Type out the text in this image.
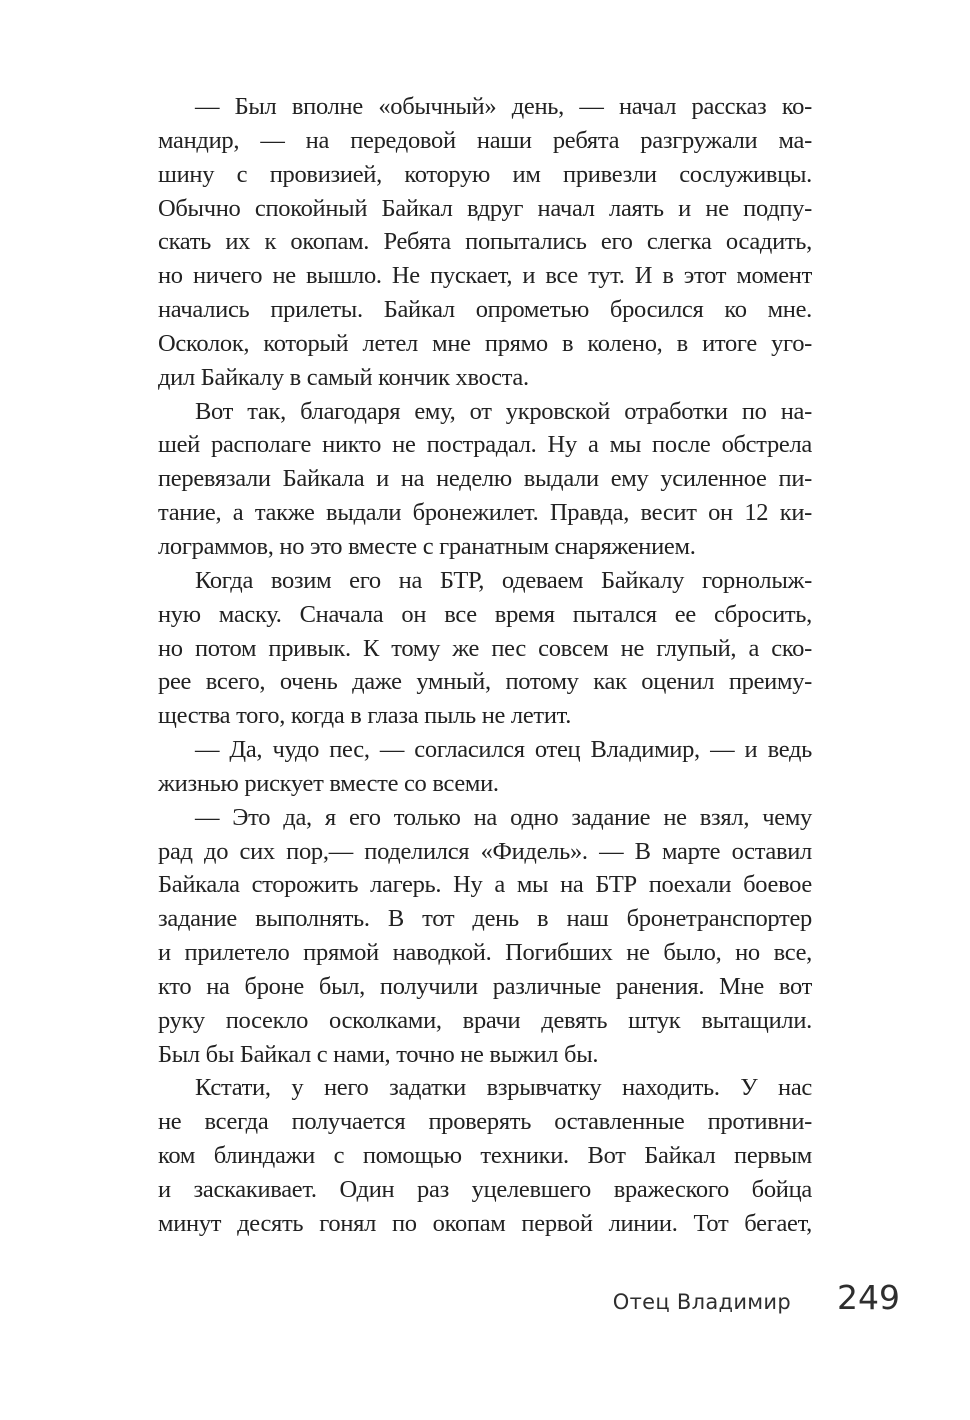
— Был вполне «обычный» день, — начал рассказ ко-
мандир, — на передовой наши ребята разгружали ма-
шину с провизией, которую им привезли сослуживцы.
Обычно спокойный Байкал вдруг начал лаять и не подпу-
скать их к окопам. Ребята попытались его слегка осадить,
но ничего не вышло. Не пускает, и все тут. И в этот момент
начались прилеты. Байкал опрометью бросился ко мне.
Осколок, который летел мне прямо в колено, в итоге уго-
дил Байкалу в самый кончик хвоста.
Вот так, благодаря ему, от укровской отработки по на-
шей располаге никто не пострадал. Ну а мы после обстрела
перевязали Байкала и на неделю выдали ему усиленное пи-
тание, а также выдали бронежилет. Правда, весит он 12 ки-
лограммов, но это вместе с гранатным снаряжением.
Когда возим его на БТР, одеваем Байкалу горнолыж-
ную маску. Сначала он все время пытался ее сбросить,
но потом привык. К тому же пес совсем не глупый, а ско-
рее всего, очень даже умный, потому как оценил преиму-
щества того, когда в глаза пыль не летит.
— Да, чудо пес, — согласился отец Владимир, — и ведь
жизнью рискует вместе со всеми.
— Это да, я его только на одно задание не взял, чему
рад до сих пор,— поделился «Фидель». — В марте оставил
Байкала сторожить лагерь. Ну а мы на БТР поехали боевое
задание выполнять. В тот день в наш бронетранспортер
и прилетело прямой наводкой. Погибших не было, но все,
кто на броне был, получили различные ранения. Мне вот
руку посекло осколками, врачи девять штук вытащили.
Был бы Байкал с нами, точно не выжил бы.
Кстати, у него задатки взрывчатку находить. У нас
не всегда получается проверять оставленные противни-
ком блиндажи с помощью техники. Вот Байкал первым
и заскакивает. Один раз уцелевшего вражеского бойца
минут десять гонял по окопам первой линии. Тот бегает,
Отец Владимир 249
